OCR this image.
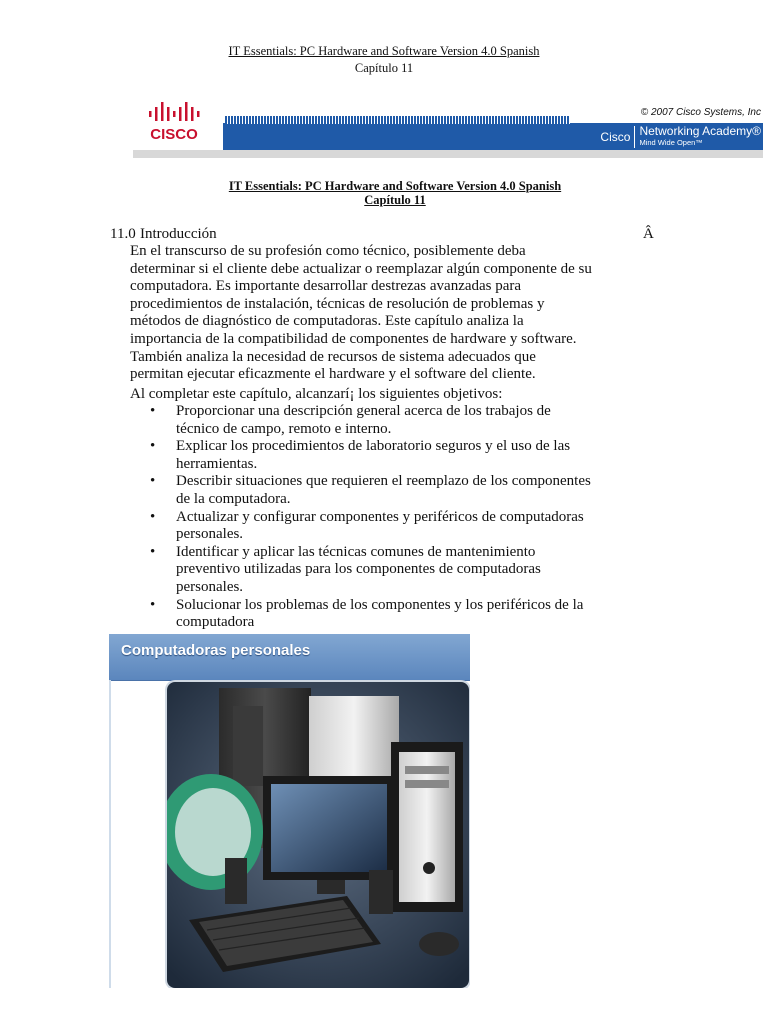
IT Essentials: PC Hardware and Software Version 4.0 Spanish
Capítulo 11
CISCO
© 2007 Cisco Systems, Inc
Cisco Networking Academy®
Mind Wide Open™
IT Essentials: PC Hardware and Software Version 4.0 Spanish
Capítulo 11
11.0 Introducción	Â
En el transcurso de su profesión como técnico, posiblemente deba
determinar si el cliente debe actualizar o reemplazar algún componente de su
computadora. Es importante desarrollar destrezas avanzadas para
procedimientos de instalación, técnicas de resolución de problemas y
métodos de diagnóstico de computadoras. Este capítulo analiza la
importancia de la compatibilidad de componentes de hardware y software.
También analiza la necesidad de recursos de sistema adecuados que
permitan ejecutar eficazmente el hardware y el software del cliente.
Al completar este capítulo, alcanzarí¡ los siguientes objetivos:
• Proporcionar una descripción general acerca de los trabajos de
técnico de campo, remoto e interno.
• Explicar los procedimientos de laboratorio seguros y el uso de las
herramientas.
• Describir situaciones que requieren el reemplazo de los componentes
de la computadora.
• Actualizar y configurar componentes y periféricos de computadoras
personales.
• Identificar y aplicar las técnicas comunes de mantenimiento
preventivo utilizadas para los componentes de computadoras
personales.
• Solucionar los problemas de los componentes y los periféricos de la
computadora
Computadoras personales
